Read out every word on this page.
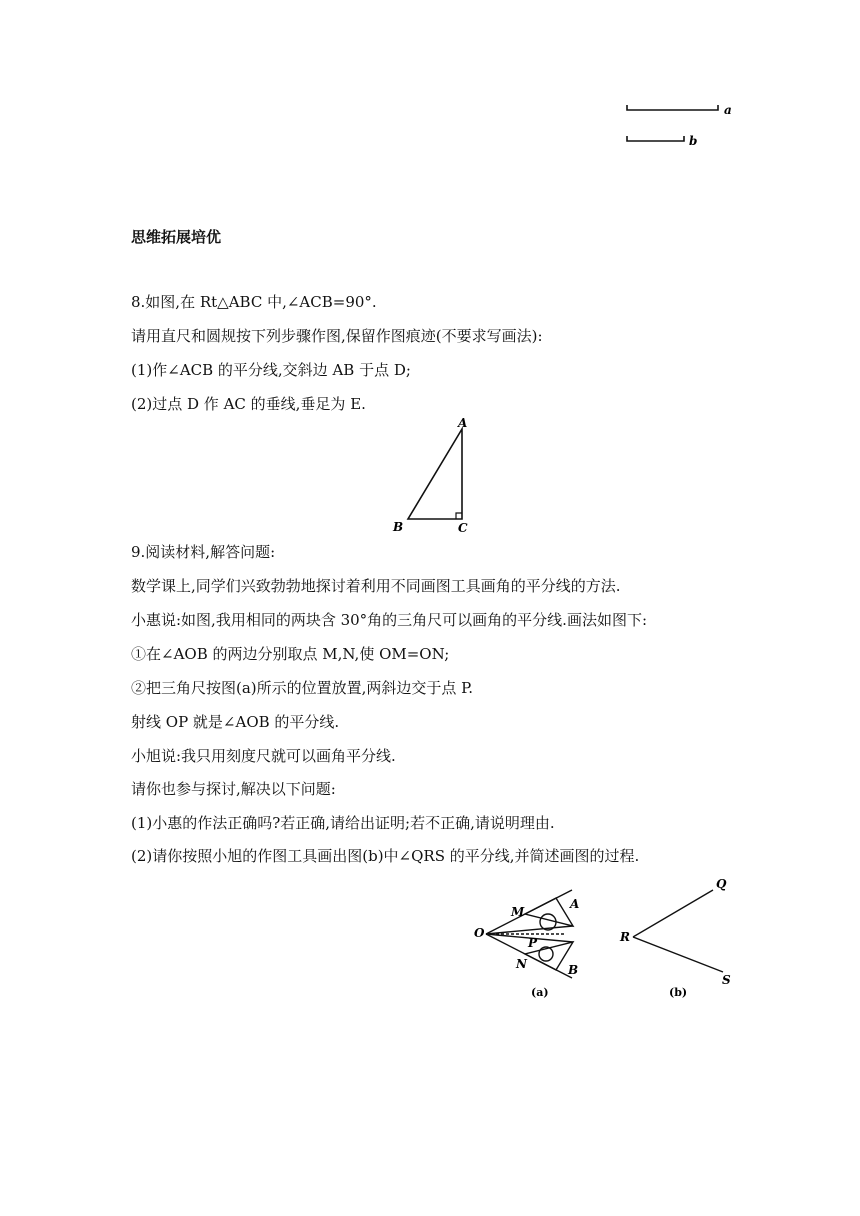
a
b
思维拓展培优
8.如图,在 Rt△ABC 中,∠ACB=90°.
请用直尺和圆规按下列步骤作图,保留作图痕迹(不要求写画法):
(1)作∠ACB 的平分线,交斜边 AB 于点 D;
(2)过点 D 作 AC 的垂线,垂足为 E.
A
B	C
9.阅读材料,解答问题:
数学课上,同学们兴致勃勃地探讨着利用不同画图工具画角的平分线的方法.
小惠说:如图,我用相同的两块含 30°角的三角尺可以画角的平分线.画法如图下:
①在∠AOB 的两边分别取点 M,N,使 OM=ON;
②把三角尺按图(a)所示的位置放置,两斜边交于点 P.
射线 OP 就是∠AOB 的平分线.
小旭说:我只用刻度尺就可以画角平分线.
请你也参与探讨,解决以下问题:
(1)小惠的作法正确吗?若正确,请给出证明;若不正确,请说明理由.
(2)请你按照小旭的作图工具画出图(b)中∠QRS 的平分线,并简述画图的过程.
O
M
A
P
N	B
(a)
Q
R
S
(b)
